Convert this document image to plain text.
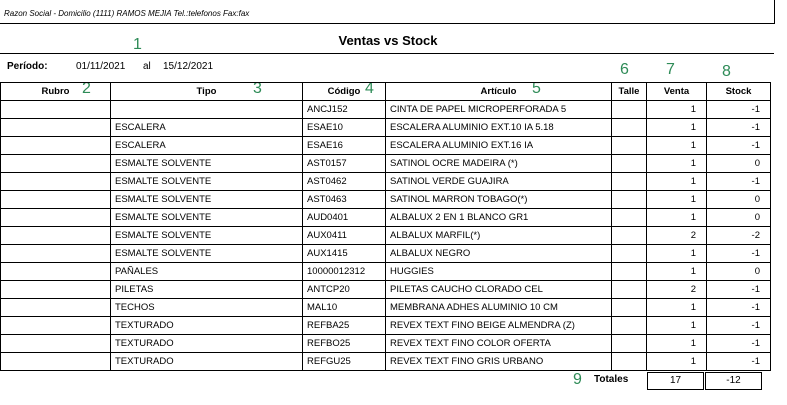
Razon Social - Domicilio (1111) RAMOS MEJIA Tel.:telefonos Fax:fax
1	Ventas vs Stock
Período:	01/11/2021 al 15/12/2021
2	3	4	5
6 7	8
Rubro	Tipo	Código	Artículo	Talle	Venta	Stock
		ANCJ152	CINTA DE PAPEL MICROPERFORADA 5		1	-1
	ESCALERA	ESAE10	ESCALERA ALUMINIO EXT.10 IA 5.18		1	-1
	ESCALERA	ESAE16	ESCALERA ALUMINIO EXT.16 IA		1	-1
	ESMALTE SOLVENTE	AST0157	SATINOL OCRE MADEIRA (*)		1	0
	ESMALTE SOLVENTE	AST0462	SATINOL VERDE GUAJIRA		1	-1
	ESMALTE SOLVENTE	AST0463	SATINOL MARRON TOBAGO(*)		1	0
	ESMALTE SOLVENTE	AUD0401	ALBALUX 2 EN 1 BLANCO GR1		1	0
	ESMALTE SOLVENTE	AUX0411	ALBALUX MARFIL(*)		2	-2
	ESMALTE SOLVENTE	AUX1415	ALBALUX NEGRO		1	-1
	PAÑALES	10000012312	HUGGIES		1	0
	PILETAS	ANTCP20	PILETAS CAUCHO CLORADO CEL		2	-1
	TECHOS	MAL10	MEMBRANA ADHES ALUMINIO 10 CM		1	-1
	TEXTURADO	REFBA25	REVEX TEXT FINO BEIGE ALMENDRA (Z)		1	-1
	TEXTURADO	REFBO25	REVEX TEXT FINO COLOR OFERTA		1	-1
	TEXTURADO	REFGU25	REVEX TEXT FINO GRIS URBANO		1	-1
9 Totales	17	-12
